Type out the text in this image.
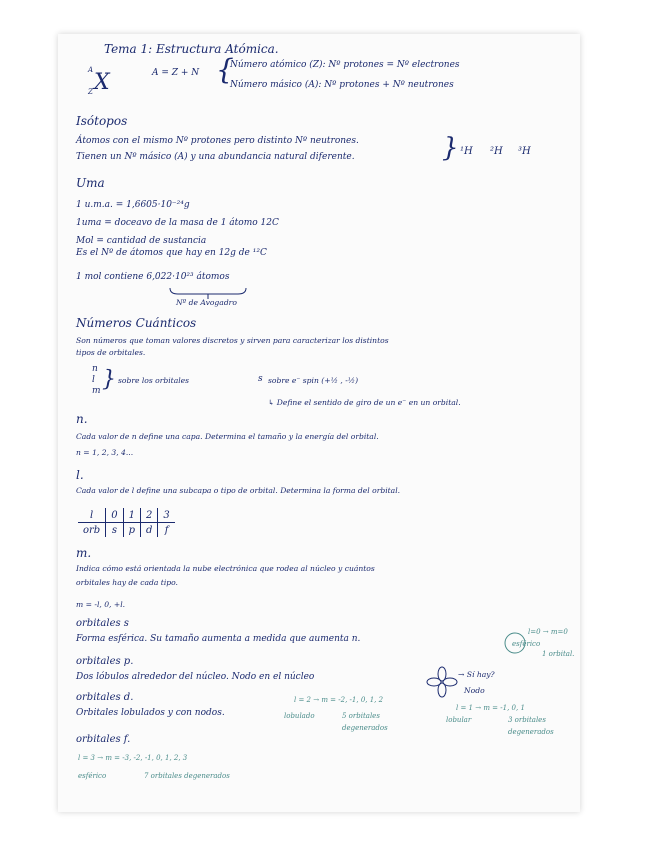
Tema 1: Estructura Atómica.
A
Z X	A = Z + N {
Número atómico (Z): Nº protones = Nº electrones
Número másico (A): Nº protones + Nº neutrones
Isótopos
Átomos con el mismo Nº protones pero distinto Nº neutrones.
Tienen un Nº másico (A) y una abundancia natural diferente.	} ¹H ²H ³H
Uma
1 u.m.a. = 1,6605·10⁻²⁴g
1uma = doceavo de la masa de 1 átomo 12C
Mol = cantidad de sustancia
Es el Nº de átomos que hay en 12g de ¹²C
1 mol contiene 6,022·10²³ átomos
Nº de Avogadro
Números Cuánticos
Son números que toman valores discretos y sirven para caracterizar los distintos
tipos de orbitales.
n
l
m } sobre los orbitales	s sobre e⁻ spin (+½ , -½)
↳ Define el sentido de giro de un e⁻ en un orbital.
n.
Cada valor de n define una capa. Determina el tamaño y la energía del orbital.
n = 1, 2, 3, 4...
l.
Cada valor de l define una subcapa o tipo de orbital. Determina la forma del orbital.
l	0	1	2	3
orb	s	p	d	f
m.
Indica cómo está orientada la nube electrónica que rodea al núcleo y cuántos
orbitales hay de cada tipo.
m = -l, 0, +l.
orbitales s
Forma esférica. Su tamaño aumenta a medida que aumenta n.
l=0 → m=0
esférico
1 orbital.
orbitales p.
Dos lóbulos alrededor del núcleo. Nodo en el núcleo	→ Sí hay?
Nodo
l = 1 → m = -1, 0, 1
lobular	3 orbitales
degenerados
orbitales d.
Orbitales lobulados y con nodos.
l = 2 → m = -2, -1, 0, 1, 2
lobulado	5 orbitales
degenerados
orbitales f.
l = 3 → m = -3, -2, -1, 0, 1, 2, 3
esférico	7 orbitales degenerados
